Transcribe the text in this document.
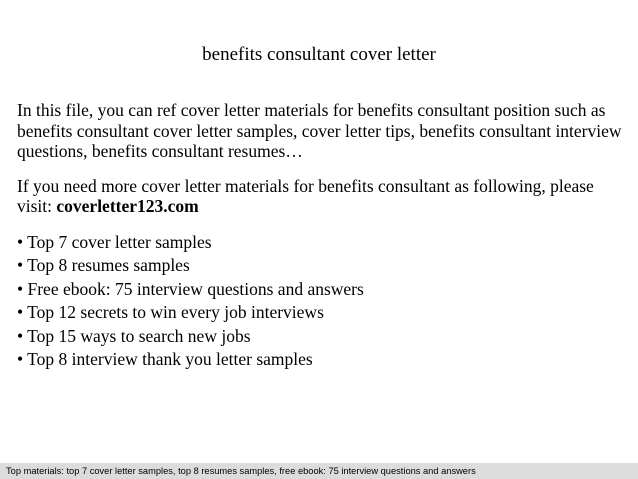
benefits consultant cover letter

In this file, you can ref cover letter materials for benefits consultant position such as benefits consultant cover letter samples, cover letter tips, benefits consultant interview questions, benefits consultant resumes…

If you need more cover letter materials for benefits consultant as following, please visit: coverletter123.com

• Top 7 cover letter samples
• Top 8 resumes samples
• Free ebook: 75 interview questions and answers
• Top 12 secrets to win every job interviews
• Top 15 ways to search new jobs
• Top 8 interview thank you letter samples
Top materials: top 7 cover letter samples, top 8 resumes samples, free ebook: 75 interview questions and answers
